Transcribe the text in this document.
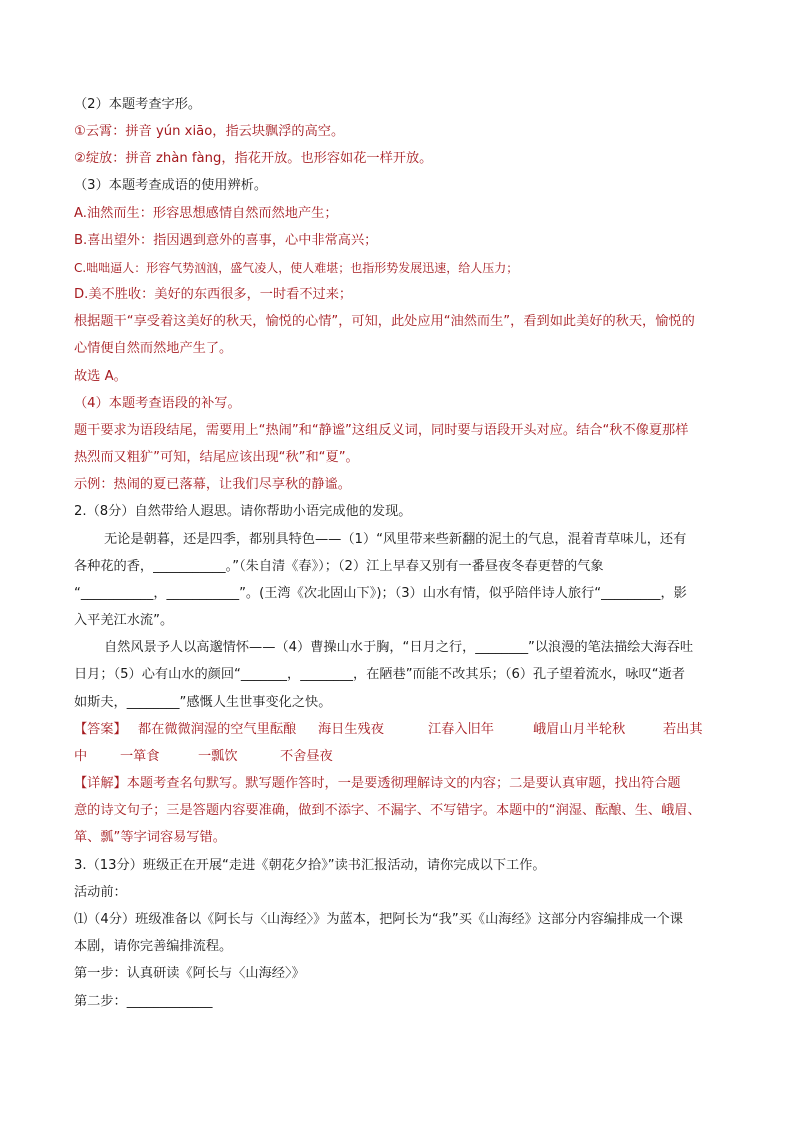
（2）本题考查字形。
①云霄：拼音 yún xiāo，指云块飘浮的高空。
②绽放：拼音 zhàn fàng，指花开放。也形容如花一样开放。
（3）本题考查成语的使用辨析。
A.油然而生：形容思想感情自然而然地产生；
B.喜出望外：指因遇到意外的喜事，心中非常高兴；
C.咄咄逼人：形容气势汹汹，盛气凌人，使人难堪；也指形势发展迅速，给人压力；
D.美不胜收：美好的东西很多，一时看不过来；
根据题干“享受着这美好的秋天，愉悦的心情”，可知，此处应用“油然而生”，看到如此美好的秋天，愉悦的
心情便自然而然地产生了。
故选 A。
（4）本题考查语段的补写。
题干要求为语段结尾，需要用上“热闹”和“静谧”这组反义词，同时要与语段开头对应。结合“秋不像夏那样
热烈而又粗犷”可知，结尾应该出现“秋”和“夏”。
示例：热闹的夏已落幕，让我们尽享秋的静谧。
2.（8分）自然带给人遐思。请你帮助小语完成他的发现。
无论是朝暮，还是四季，都别具特色——（1）“风里带来些新翻的泥土的气息，混着青草味儿，还有
各种花的香，___________。”（朱自清《春》）；（2）江上早春又别有一番昼夜冬春更替的气象
“___________，___________”。(王湾《次北固山下》)；（3）山水有情，似乎陪伴诗人旅行“_________，影
入平羌江水流”。
自然风景予人以高邈情怀——（4）曹操山水于胸，“日月之行，________”以浪漫的笔法描绘大海吞吐
日月；（5）心有山水的颜回“_______，________，在陋巷”而能不改其乐；（6）孔子望着流水，咏叹“逝者
如斯夫，________”感慨人生世事变化之快。
【答案】 都在微微润湿的空气里酝酿 海日生残夜	江春入旧年	峨眉山月半轮秋	若出其
中 一箪食	一瓢饮	不舍昼夜
【详解】本题考查名句默写。默写题作答时，一是要透彻理解诗文的内容；二是要认真审题，找出符合题
意的诗文句子；三是答题内容要准确，做到不添字、不漏字、不写错字。本题中的“润湿、酝酿、生、峨眉、
箪、瓢”等字词容易写错。
3.（13分）班级正在开展“走进《朝花夕拾》”读书汇报活动，请你完成以下工作。
活动前：
⑴（4分）班级准备以《阿长与〈山海经〉》为蓝本，把阿长为“我”买《山海经》这部分内容编排成一个课
本剧，请你完善编排流程。
第一步：认真研读《阿长与〈山海经〉》
第二步：_____________
